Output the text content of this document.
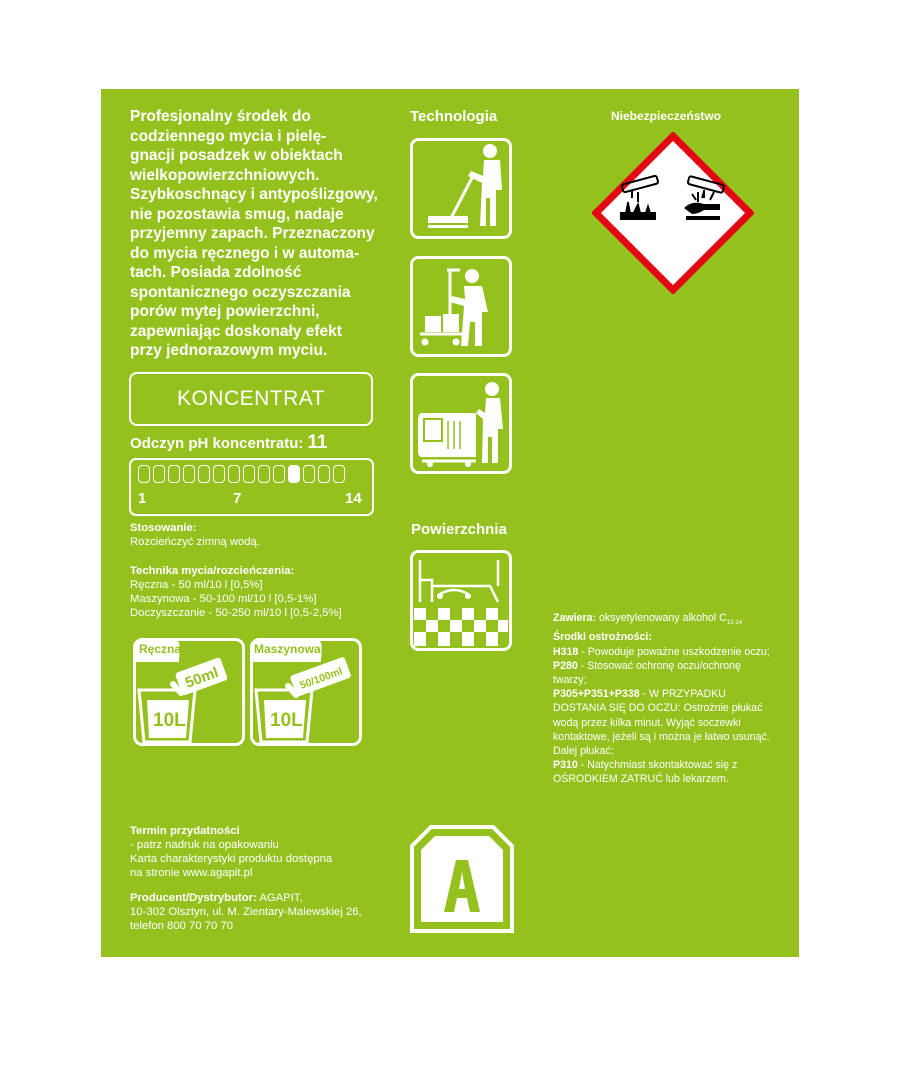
Profesjonalny środek do
codziennego mycia i pielę-
gnacji posadzek w obiektach
wielkopowierzchniowych.
Szybkoschnący i antypoślizgowy,
nie pozostawia smug, nadaje
przyjemny zapach. Przeznaczony
do mycia ręcznego i w automa-
tach. Posiada zdolność
spontanicznego oczyszczania
porów mytej powierzchni,
zapewniając doskonały efekt
przy jednorazowym myciu.
KONCENTRAT
Odczyn pH koncentratu: 11
1	7	14
Stosowanie:
Rozcieńczyć zimną wodą.
Technika mycia/rozcieńczenia:
Ręczna - 50 ml/10 l [0,5%]
Maszynowa - 50-100 ml/10 l [0,5-1%]
Doczyszczanie - 50-250 ml/10 l [0,5-2,5%]
50ml
Ręczna
10L
50/100ml
Maszynowa
10L
Termin przydatności
- patrz nadruk na opakowaniu
Karta charakterystyki produktu dostępna
na stronie www.agapit.pl
Producent/Dystrybutor: AGAPIT,
10-302 Olsztyn, ul. M. Zientary-Malewskiej 26,
telefon 800 70 70 70
Technologia
Powierzchnia
Niebezpieczeństwo
Zawiera: oksyetylenowany alkohol $C_{12-14}$
Środki ostrożności:
H318 - Powoduje poważne uszkodzenie oczu;
P280 - Stosować ochronę oczu/ochronę
twarzy;
P305+P351+P338 - W PRZYPADKU
DOSTANIA SIĘ DO OCZU: Ostrożnie płukać
wodą przez kilka minut. Wyjąć soczewki
kontaktowe, jeżeli są i można je łatwo usunąć.
Dalej płukać;
P310 - Natychmiast skontaktować się z
OŚRODKIEM ZATRUĆ lub lekarzem.
